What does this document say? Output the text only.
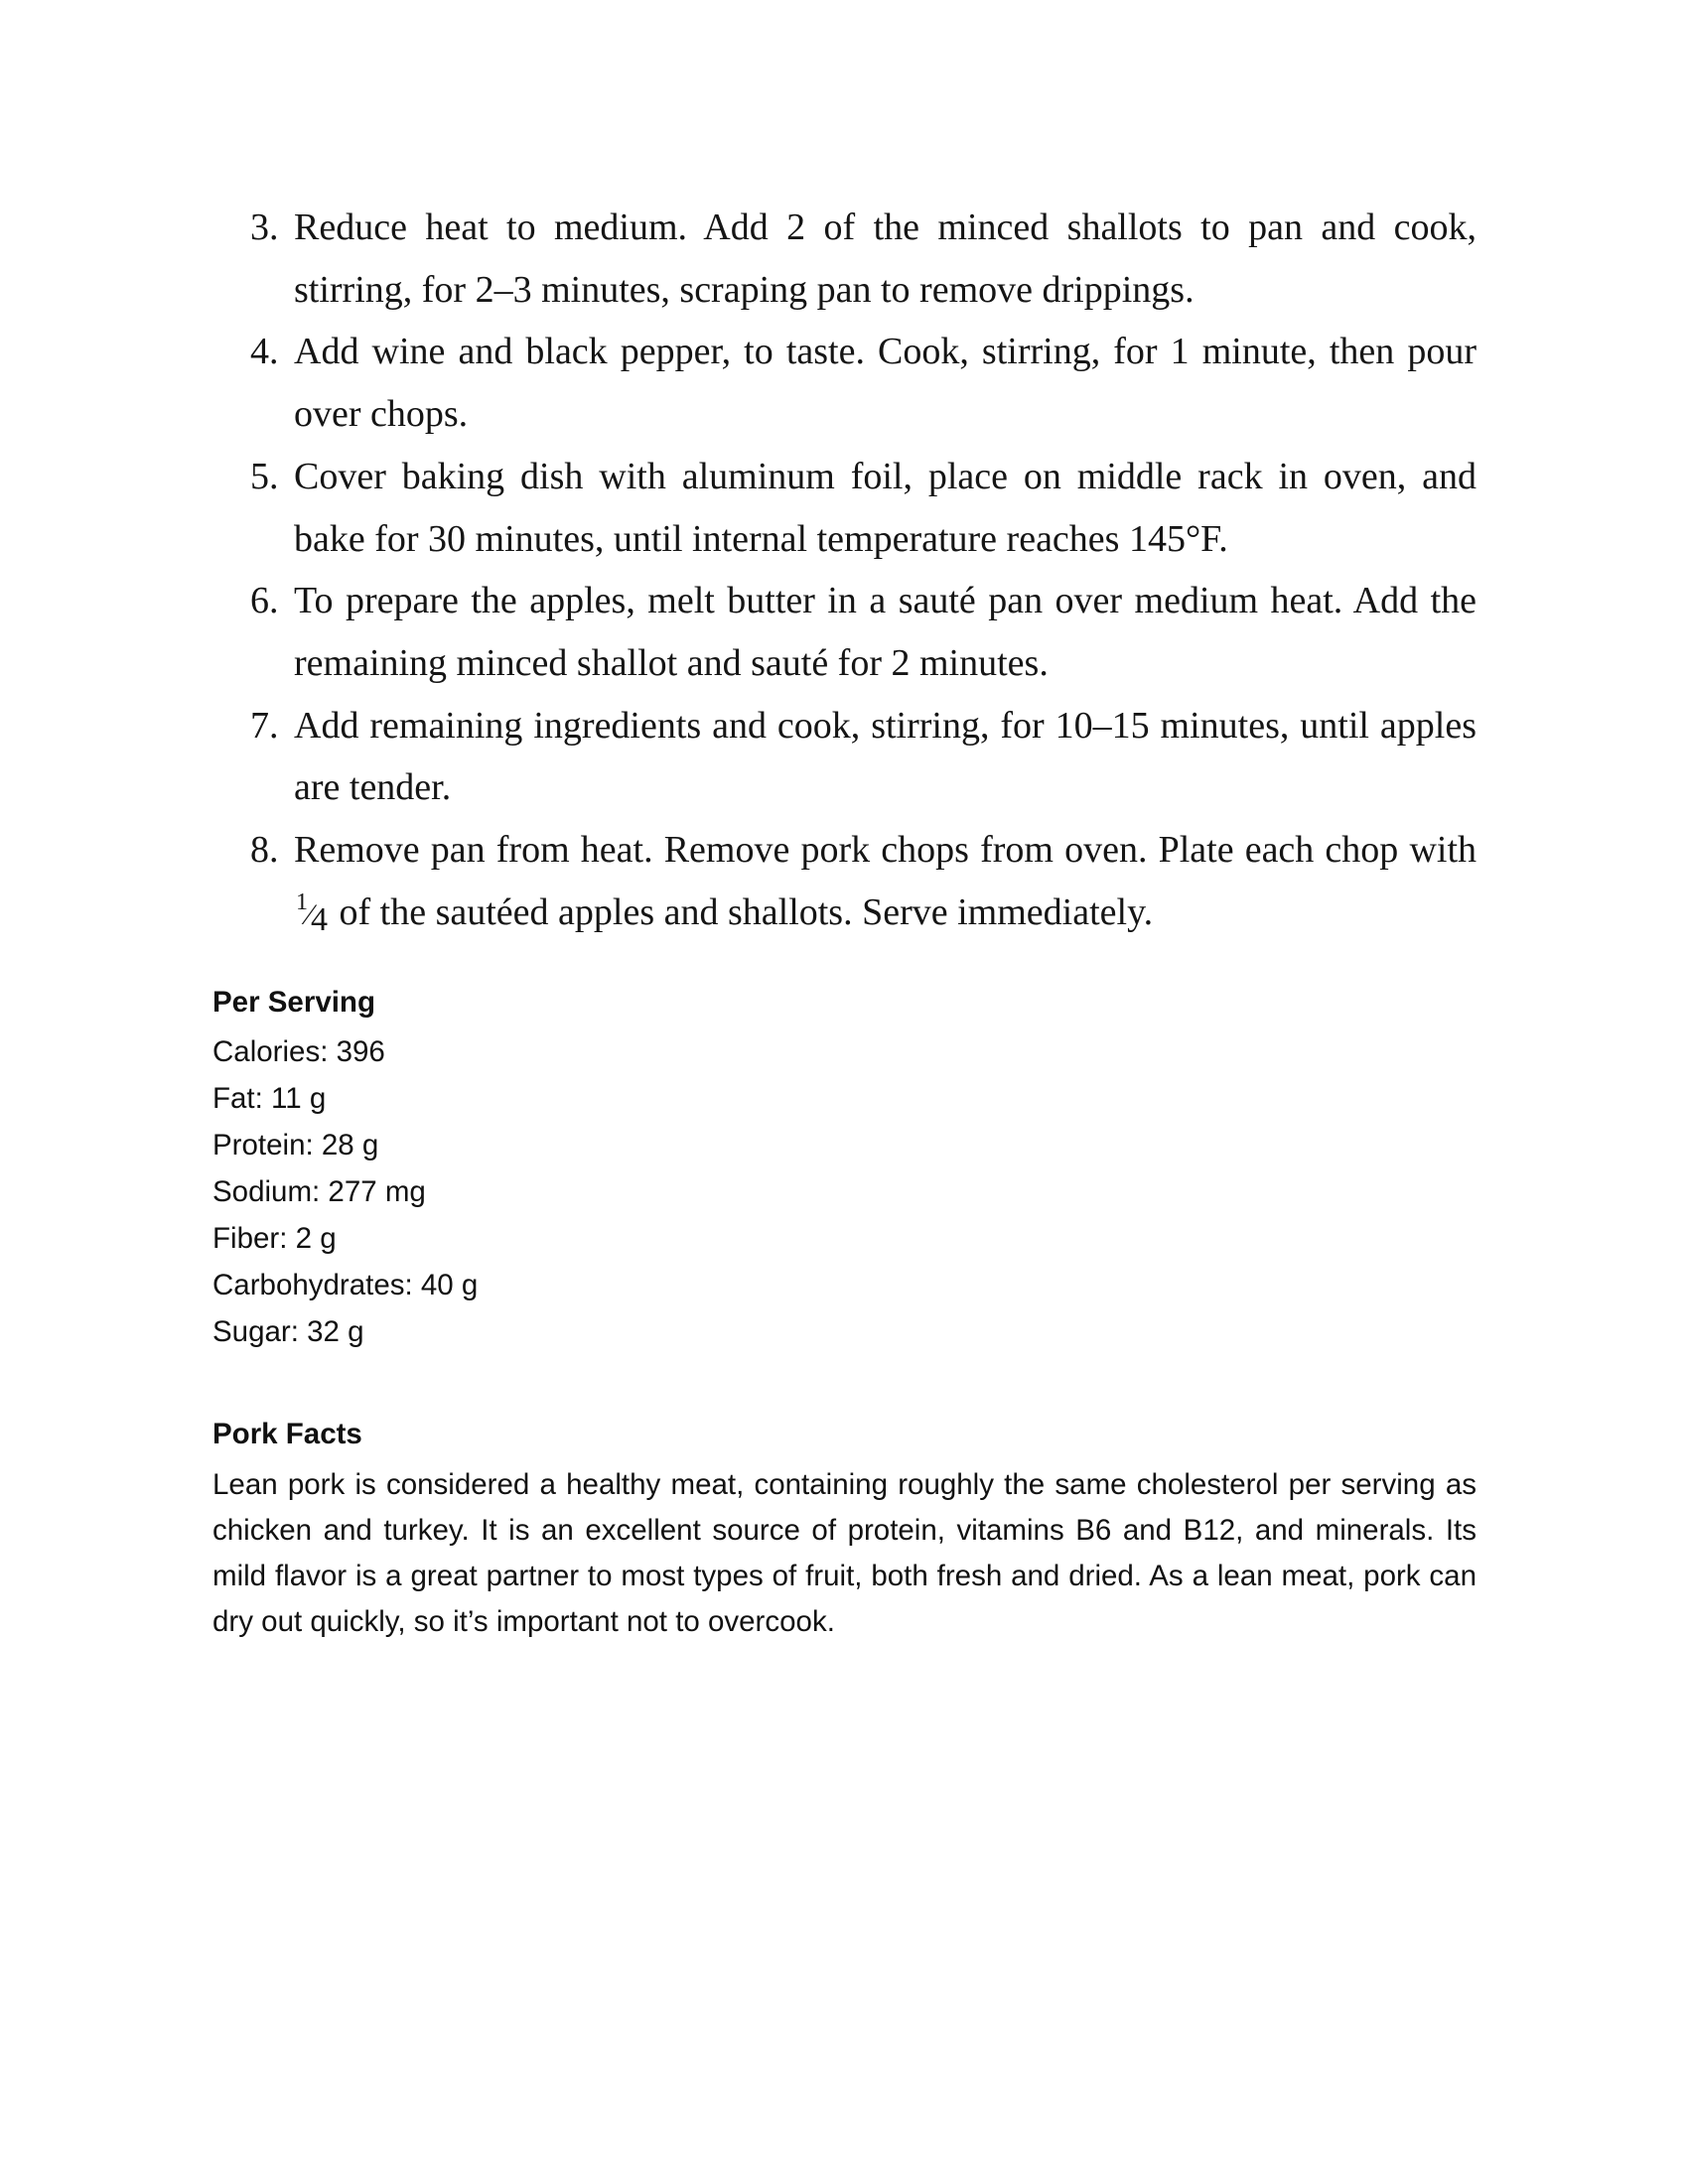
3. Reduce heat to medium. Add 2 of the minced shallots to pan and cook, stirring, for 2–3 minutes, scraping pan to remove drippings.
4. Add wine and black pepper, to taste. Cook, stirring, for 1 minute, then pour over chops.
5. Cover baking dish with aluminum foil, place on middle rack in oven, and bake for 30 minutes, until internal temperature reaches 145°F.
6. To prepare the apples, melt butter in a sauté pan over medium heat. Add the remaining minced shallot and sauté for 2 minutes.
7. Add remaining ingredients and cook, stirring, for 10–15 minutes, until apples are tender.
8. Remove pan from heat. Remove pork chops from oven. Plate each chop with $^1⁄_4$ of the sautéed apples and shallots. Serve immediately.
Per Serving
Calories: 396
Fat: 11 g
Protein: 28 g
Sodium: 277 mg
Fiber: 2 g
Carbohydrates: 40 g
Sugar: 32 g
Pork Facts

Lean pork is considered a healthy meat, containing roughly the same cholesterol per serving as chicken and turkey. It is an excellent source of protein, vitamins B6 and B12, and minerals. Its mild flavor is a great partner to most types of fruit, both fresh and dried. As a lean meat, pork can dry out quickly, so it’s important not to overcook.
